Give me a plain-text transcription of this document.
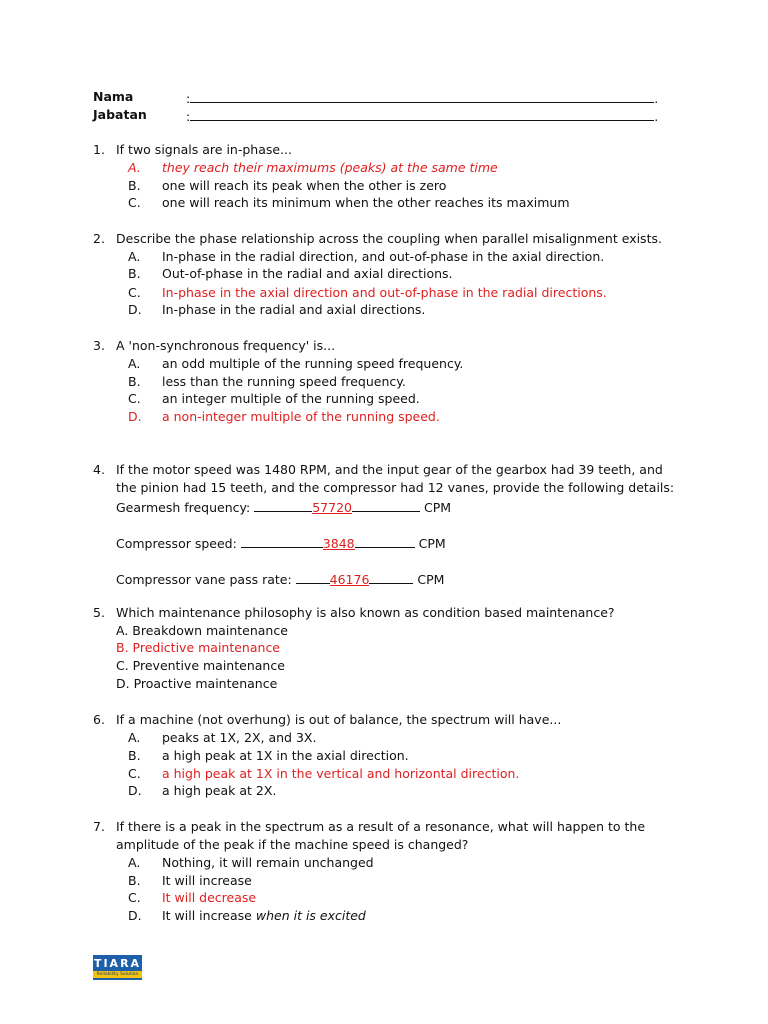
Nama	:	.
Jabatan	:	.
1. If two signals are in-phase...
A. they reach their maximums (peaks) at the same time
B. one will reach its peak when the other is zero
C. one will reach its minimum when the other reaches its maximum
2. Describe the phase relationship across the coupling when parallel misalignment exists.
A. In-phase in the radial direction, and out-of-phase in the axial direction.
B. Out-of-phase in the radial and axial directions.
C. In-phase in the axial direction and out-of-phase in the radial directions.
D. In-phase in the radial and axial directions.
3. A 'non-synchronous frequency' is...
A. an odd multiple of the running speed frequency.
B. less than the running speed frequency.
C. an integer multiple of the running speed.
D. a non-integer multiple of the running speed.
4. If the motor speed was 1480 RPM, and the input gear of the gearbox had 39 teeth, and
the pinion had 15 teeth, and the compressor had 12 vanes, provide the following details:
Gearmesh frequency:	57720	CPM
Compressor speed:	3848	CPM
Compressor vane pass rate:	46176	CPM
5. Which maintenance philosophy is also known as condition based maintenance?
A. Breakdown maintenance
B. Predictive maintenance
C. Preventive maintenance
D. Proactive maintenance
6. If a machine (not overhung) is out of balance, the spectrum will have...
A. peaks at 1X, 2X, and 3X.
B. a high peak at 1X in the axial direction.
C. a high peak at 1X in the vertical and horizontal direction.
D. a high peak at 2X.
7. If there is a peak in the spectrum as a result of a resonance, what will happen to the
amplitude of the peak if the machine speed is changed?
A. Nothing, it will remain unchanged
B. It will increase
C. It will decrease
D. It will increase when it is excited
TIARA
Reliability Solution
